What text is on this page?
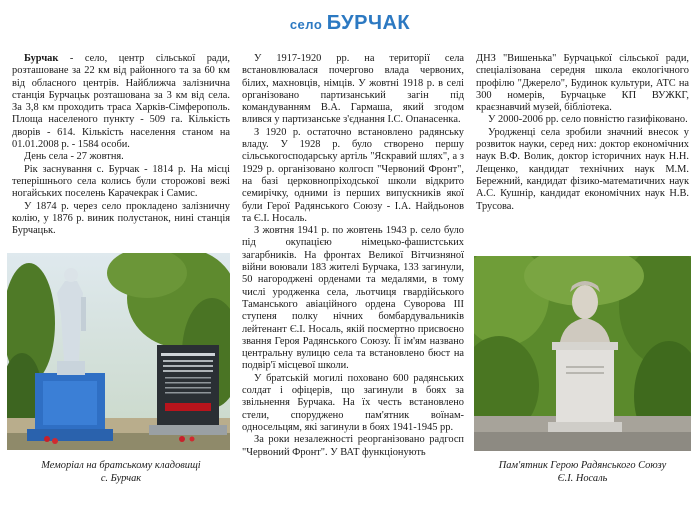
село БУРЧАК

Бурчак - село, центр сільської ради, розташоване за 22 км від районного та за 60 км від обласного центрів. Найближча залізнична станція Бурчацьк розташована за 3 км від села. За 3,8 км проходить траса Харків-Сімферополь. Площа населеного пункту - 509 га. Кількість дворів - 614. Кількість населення станом на 01.01.2008 р. - 1584 особи.

День села - 27 жовтня.

Рік заснування с. Бурчак - 1814 р. На місці теперішнього села колись були сторожові вежі ногайських поселень Карачекрак і Самис.

У 1874 р. через село прокладено залізничну колію, у 1876 р. виник полустанок, нині станція Бурчацьк.

У 1917-1920 рр. на території села встановлювалася почергово влада червоних, білих, махновців, німців. У жовтні 1918 р. в селі організовано партизанський загін під командуванням В.А. Гармаша, який згодом влився у партизанське з'єднання І.С. Опанасенка.

З 1920 р. остаточно встановлено радянську владу. У 1928 р. було створено першу сільськогосподарську артіль "Яскравий шлях", а з 1929 р. організовано колгосп "Червоний Фронт", на базі церковнопріходської школи відкрито семирічку, одними із перших випускників якої були Герої Радянського Союзу - І.А. Найдьонов та Є.І. Носаль.

З жовтня 1941 р. по жовтень 1943 р. село було під окупацією німецько-фашистських загарбників. На фронтах Великої Вітчизняної війни воювали 183 жителі Бурчака, 133 загинули, 50 нагороджені орденами та медалями, в тому числі уродженка села, льотчиця гвардійського Таманського авіаційного ордена Суворова III ступеня полку нічних бомбардувальників лейтенант Є.І. Носаль, якій посмертно присвоєно звання Героя Радянського Союзу. Її ім'ям названо центральну вулицю села та встановлено бюст на подвір'ї місцевої школи.

У братській могилі поховано 600 радянських солдат і офіцерів, що загинули в боях за звільнення Бурчака. На їх честь встановлено стели, споруджено пам'ятник воїнам-односельцям, які загинули в боях 1941-1945 рр.

За роки незалежності реорганізовано радгосп "Червоний Фронт". У ВАТ функціонують

ДНЗ "Вишенька" Бурчацької сільської ради, спеціалізована середня школа екологічного профілю "Джерело", Будинок культури, АТС на 300 номерів, Бурчацьке КП ВУЖКГ, краєзнавчий музей, бібліотека.

У 2000-2006 рр. село повністю газифіковано.

Уродженці села зробили значний внесок у розвиток науки, серед них: доктор економічних наук В.Ф. Волик, доктор історичних наук Н.Н. Лещенко, кандидат технічних наук М.М. Бережний, кандидат фізико-математичних наук А.С. Кушнір, кандидат економічних наук Н.В. Трусова.

Меморіал на братському кладовищі
с. Бурчак
Пам'ятник Герою Радянського Союзу
Є.І. Носаль
